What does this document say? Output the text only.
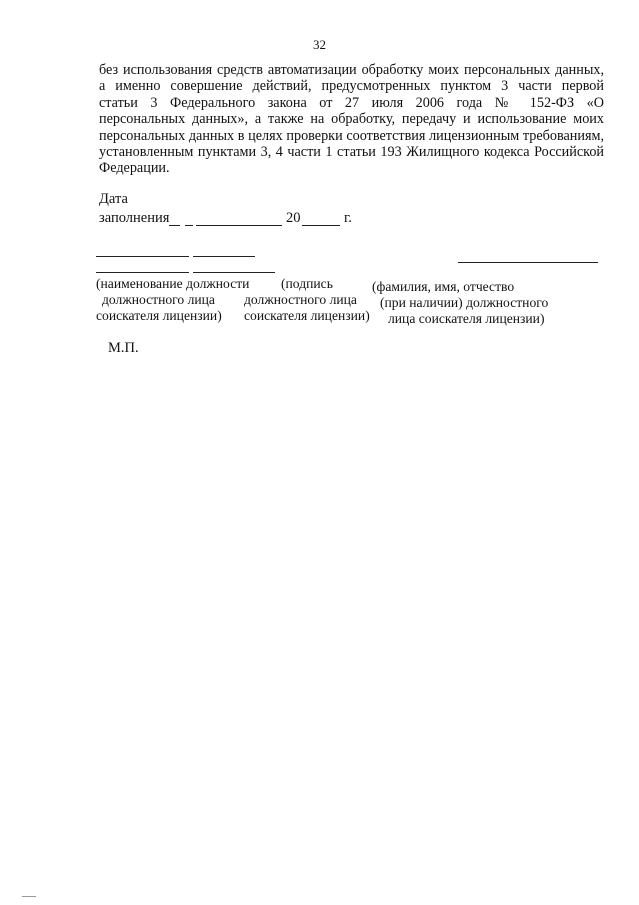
32
без использования средств автоматизации обработку моих персональных данных,
а именно совершение действий, предусмотренных пунктом 3 части первой
статьи 3 Федерального закона от 27 июля 2006 года № 152-ФЗ «О
персональных данных», а также на обработку, передачу и использование моих
персональных данных в целях проверки соответствия лицензионным требованиям,
установленным пунктами 3, 4 части 1 статьи 193 Жилищного кодекса Российской
Федерации.
Дата
заполнения	20	г.
(наименование должности
должностного лица
соискателя лицензии)
(подпись
должностного лица
соискателя лицензии)
(фамилия, имя, отчество
(при наличии) должностного
лица соискателя лицензии)
М.П.
